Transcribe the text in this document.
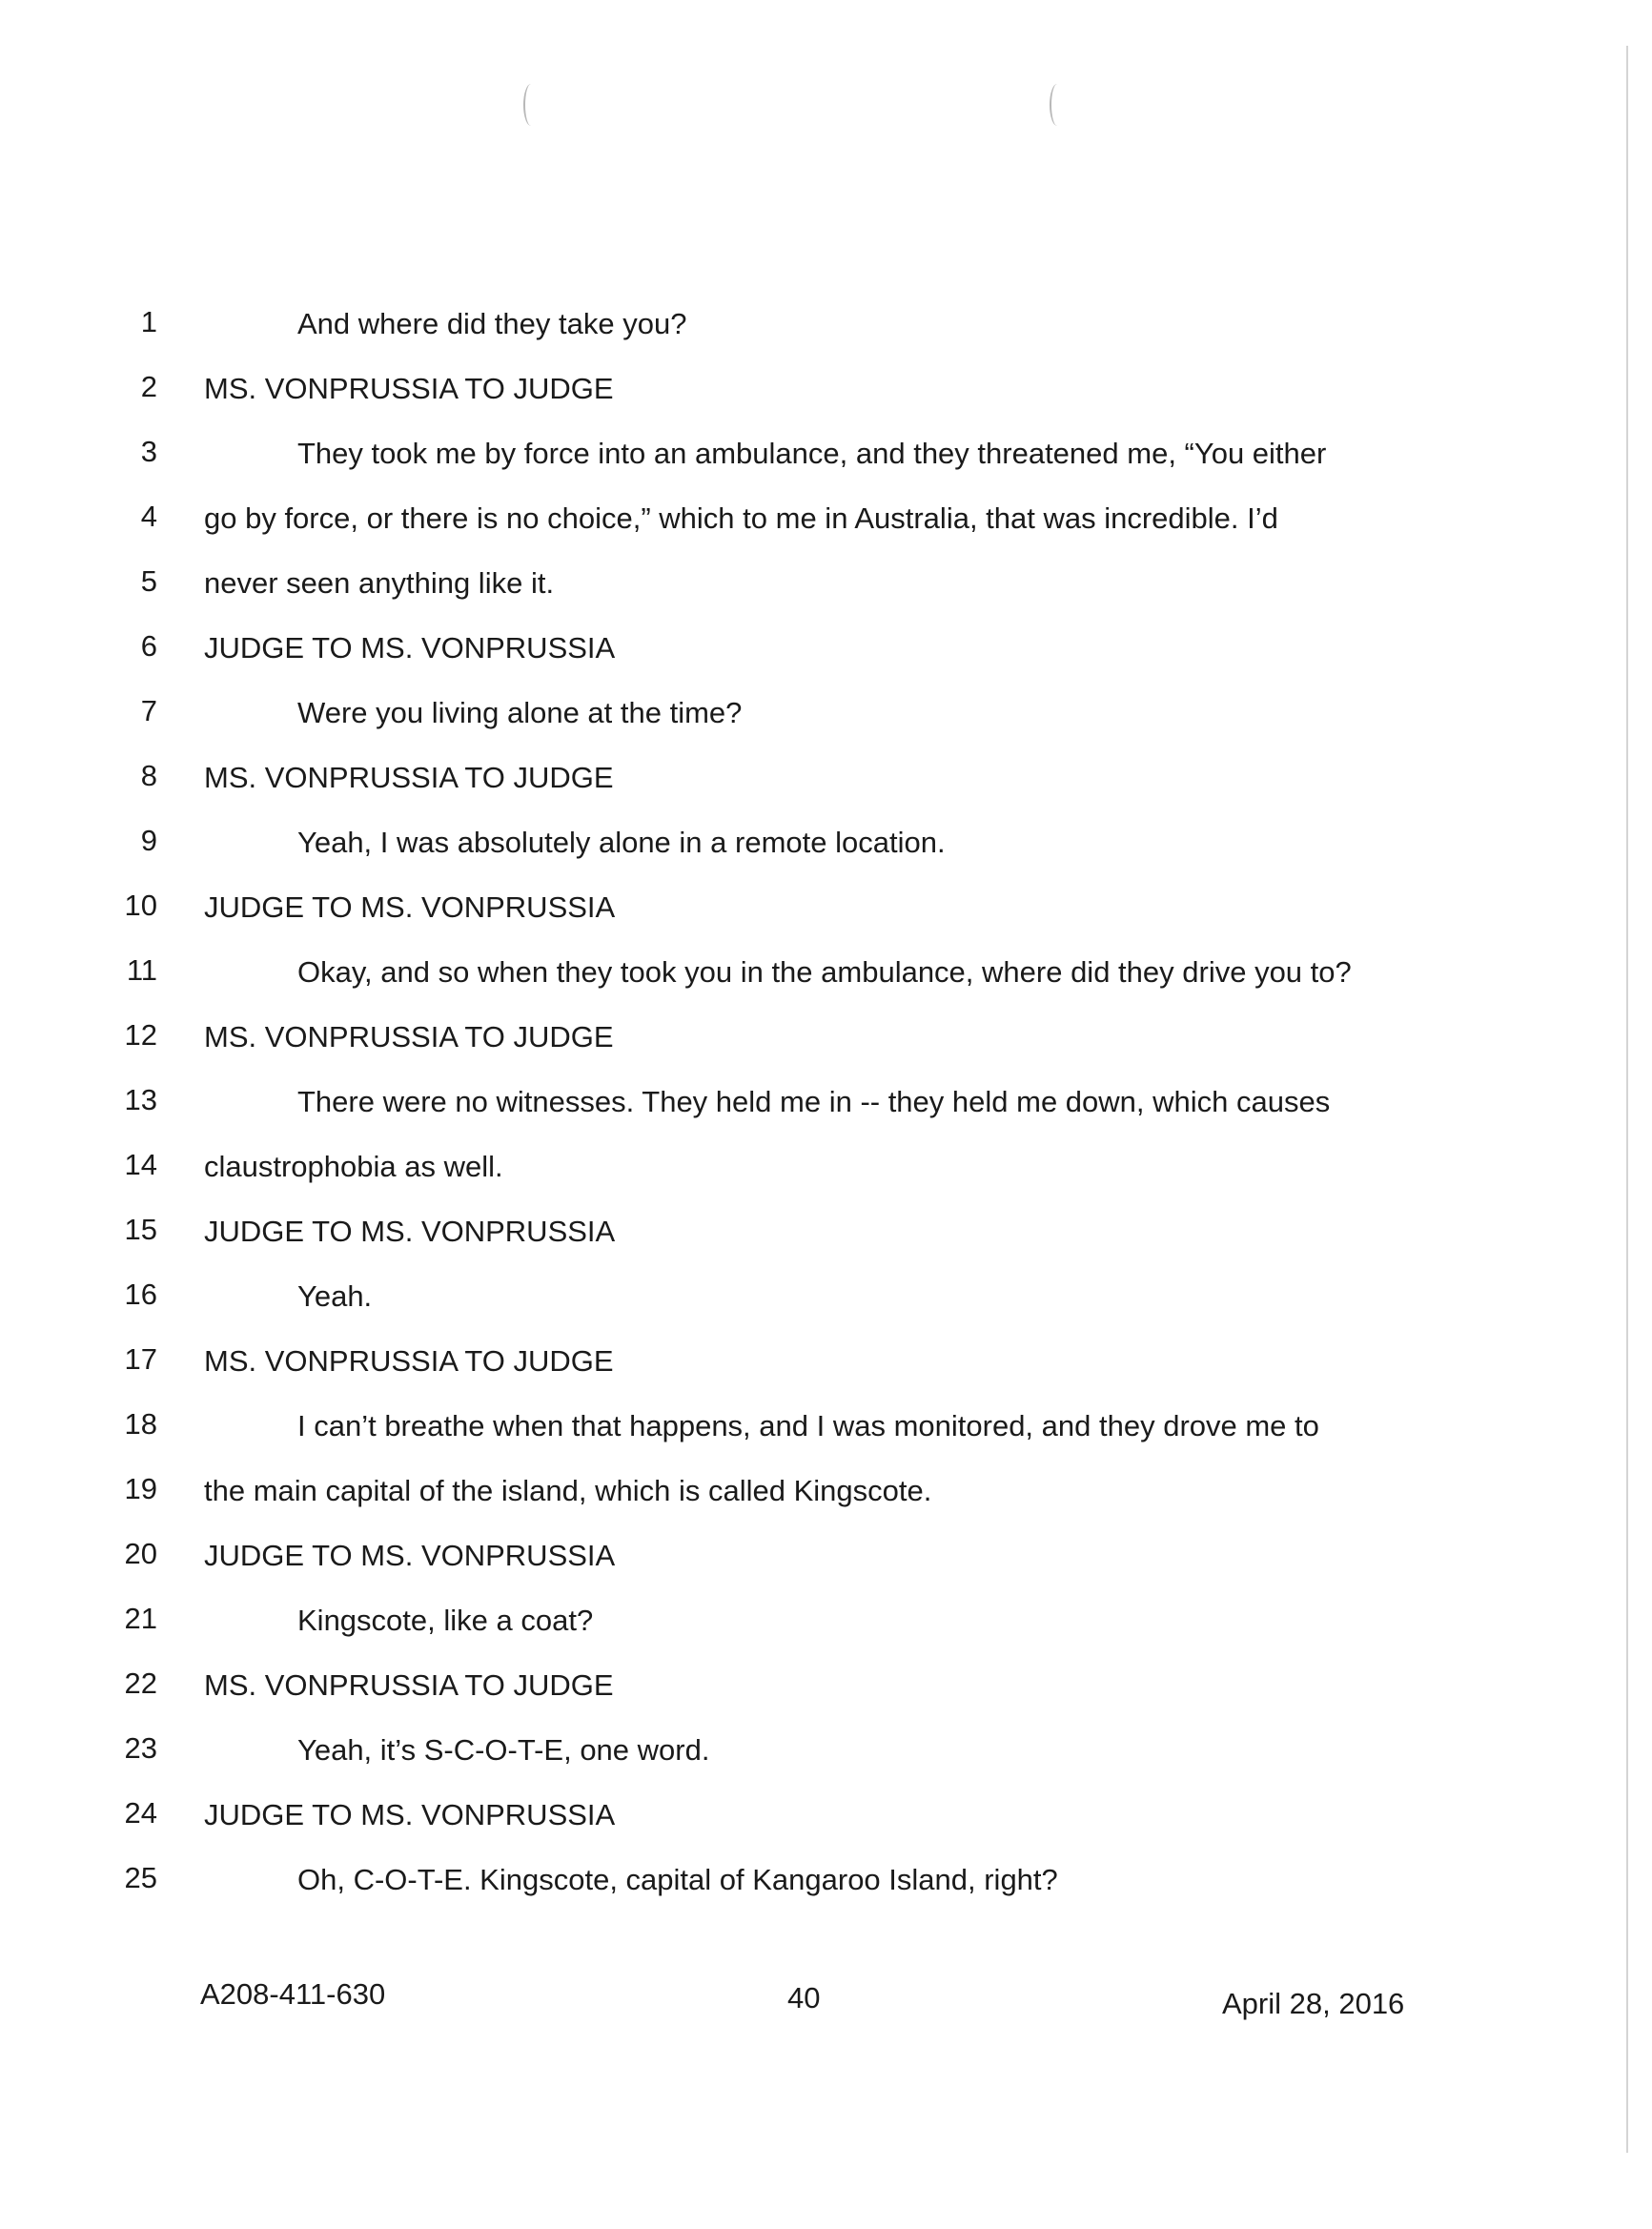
1	And where did they take you?
2 MS. VONPRUSSIA TO JUDGE
3	They took me by force into an ambulance, and they threatened me, “You either
4 go by force, or there is no choice,” which to me in Australia, that was incredible. I’d
5 never seen anything like it.
6 JUDGE TO MS. VONPRUSSIA
7	Were you living alone at the time?
8 MS. VONPRUSSIA TO JUDGE
9	Yeah, I was absolutely alone in a remote location.
10 JUDGE TO MS. VONPRUSSIA
11	Okay, and so when they took you in the ambulance, where did they drive you to?
12 MS. VONPRUSSIA TO JUDGE
13	There were no witnesses. They held me in -- they held me down, which causes
14 claustrophobia as well.
15 JUDGE TO MS. VONPRUSSIA
16	Yeah.
17 MS. VONPRUSSIA TO JUDGE
18	I can’t breathe when that happens, and I was monitored, and they drove me to
19 the main capital of the island, which is called Kingscote.
20 JUDGE TO MS. VONPRUSSIA
21	Kingscote, like a coat?
22 MS. VONPRUSSIA TO JUDGE
23	Yeah, it’s S-C-O-T-E, one word.
24 JUDGE TO MS. VONPRUSSIA
25	Oh, C-O-T-E. Kingscote, capital of Kangaroo Island, right?
A208-411-630	40	April 28, 2016
